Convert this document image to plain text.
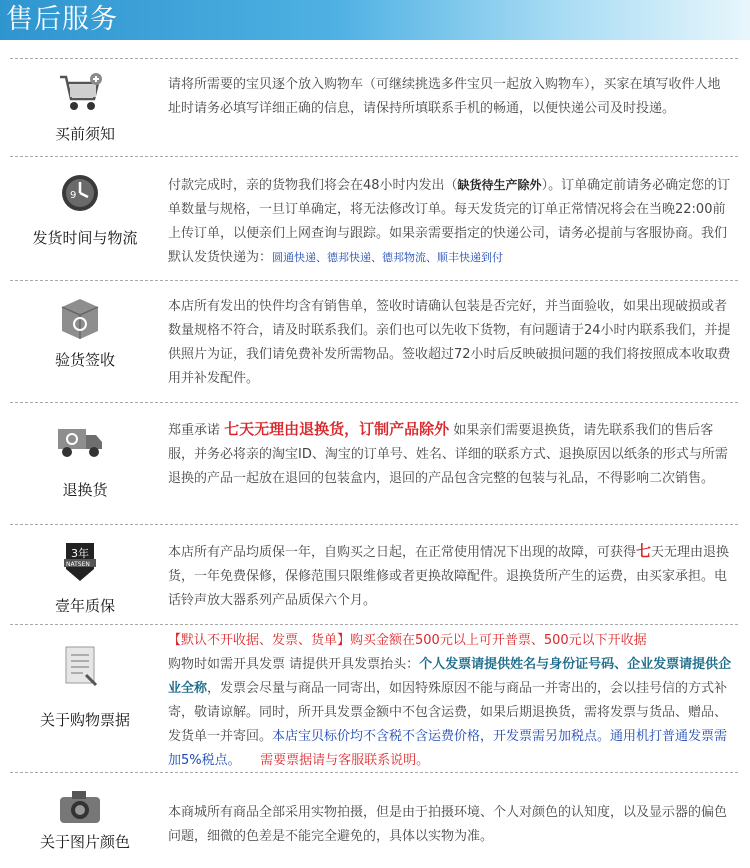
售后服务
买前须知
请将所需要的宝贝逐个放入购物车（可继续挑选多件宝贝一起放入购物车），买家在填写收件人地址时请务必填写详细正确的信息，请保持所填联系手机的畅通，以便快递公司及时投递。
9
发货时间与物流
付款完成时，亲的货物我们将会在48小时内发出（缺货待生产除外）。订单确定前请务必确定您的订单数量与规格，一旦订单确定，将无法修改订单。每天发货完的订单正常情况将会在当晚22:00前上传订单，以便亲们上网查询与跟踪。如果亲需要指定的快递公司，请务必提前与客服协商。我们默认发货快递为：圆通快递、德邦快递、德邦物流、顺丰快递到付
验货签收
本店所有发出的快件均含有销售单，签收时请确认包装是否完好，并当面验收，如果出现破损或者数量规格不符合，请及时联系我们。亲们也可以先收下货物，有问题请于24小时内联系我们，并提供照片为证，我们请免费补发所需物品。签收超过72小时后反映破损问题的我们将按照成本收取费用并补发配件。
退换货
郑重承诺 七天无理由退换货，订制产品除外 如果亲们需要退换货，请先联系我们的售后客服，并务必将亲的淘宝ID、淘宝的订单号、姓名、详细的联系方式、退换原因以纸条的形式与所需退换的产品一起放在退回的包装盒内，退回的产品包含完整的包装与礼品，不得影响二次销售。
3年
NATSEN
壹年质保
本店所有产品均质保一年，自购买之日起，在正常使用情况下出现的故障，可获得七天无理由退换货，一年免费保修，保修范围只限维修或者更换故障配件。退换货所产生的运费，由买家承担。电话铃声放大器系列产品质保六个月。
关于购物票据
【默认不开收据、发票、货单】购买金额在500元以上可开普票、500元以下开收据
购物时如需开具发票 请提供开具发票抬头：个人发票请提供姓名与身份证号码、企业发票请提供企业全称，发票会尽量与商品一同寄出，如因特殊原因不能与商品一并寄出的，会以挂号信的方式补寄，敬请谅解。同时，所开具发票金额中不包含运费，如果后期退换货，需将发票与货品、赠品、发货单一并寄回。本店宝贝标价均不含税不含运费价格，开发票需另加税点。通用机打普通发票需加5%税点。　　 需要票据请与客服联系说明。
关于图片颜色
本商城所有商品全部采用实物拍摄，但是由于拍摄环境、个人对颜色的认知度，以及显示器的偏色问题，细微的色差是不能完全避免的，具体以实物为准。
